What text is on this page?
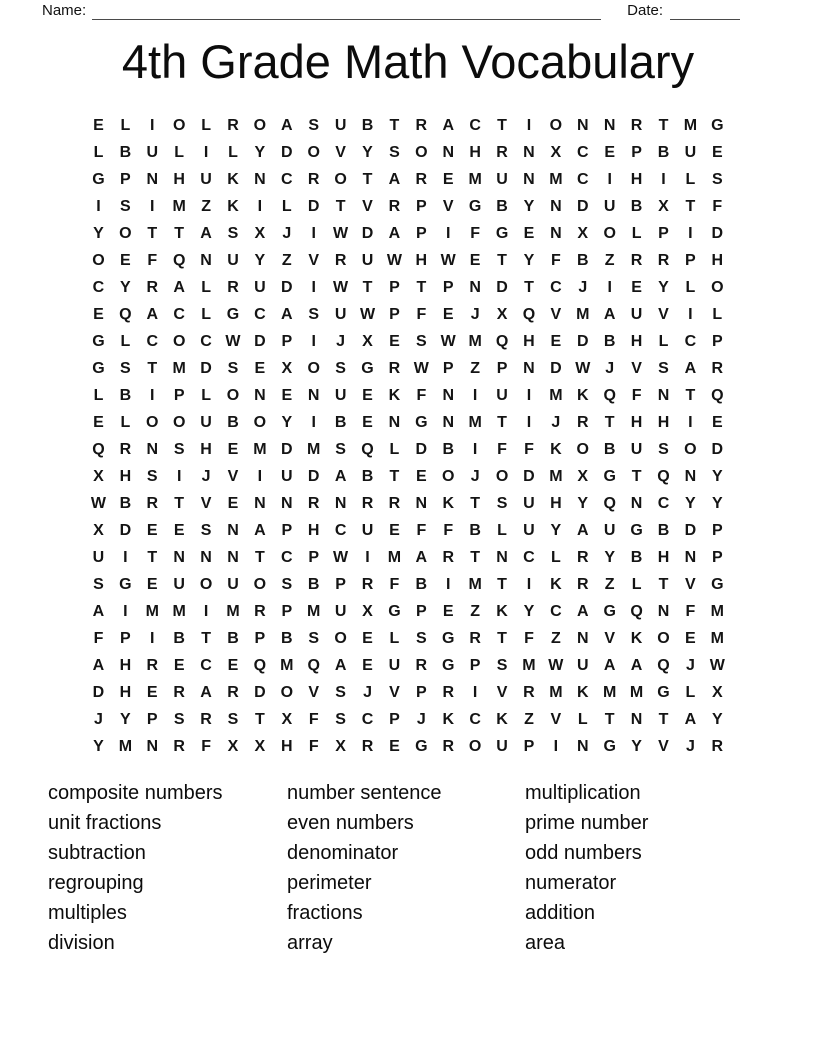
Name:	Date:
4th Grade Math Vocabulary
E	L	I	O L	R O A S U B	T	R A C	T	I	O N N R	T M G
L	B U	L	I	L	Y D O V	Y	S O N H R N X C E	P B U E
G P N H U K N C R O T	A R E M U N M C	I	H	I	L	S
I	S	I	M Z	K	I	L	D	T	V R P	V G B Y N D U B X	T	F
Y O T	T	A S	X	J	I	W D A P	I	F G E N X O L	P	I	D
O E	F Q N U Y	Z	V R U W H W E	T	Y	F	B	Z	R R P H
C Y R A	L	R U D	I	W T	P	T	P N D	T	C	J	I	E	Y	L O
E Q A C	L G C A S U W P	F	E	J	X Q V M A U V	I	L
G L	C O C W D P	I	J	X	E	S W M Q H E D B H	L	C P
G S	T M D S	E	X O S G R W P	Z	P N D W J	V	S A R
L	B	I	P	L O N E N U E K	F	N	I	U	I	M K Q F	N	T Q
E	L O O U B O Y	I	B E N G N M T	I	J	R	T	H H	I	E
Q R N S H E M D M S Q L	D B	I	F	F	K O B U S O D
X H S	I	J	V	I	U D A B	T	E O	J	O D M X G T Q N Y
W B R	T	V	E N N R N R R N K	T	S U H Y Q N C Y	Y
X D E	E	S N A P H C U E	F	F	B	L	U Y A U G B D P
U	I	T	N N N	T	C P W	I	M A R	T	N C	L	R Y B H N P
S G E U O U O S B P R	F	B	I	M T	I	K R	Z	L	T	V G
A	I	M M	I	M R P M U X G P	E	Z	K Y C A G Q N	F M
F	P	I	B	T	B P B S O E	L	S G R	T	F	Z	N V K O E M
A H R E C E Q M Q A E U R G P	S M W U A A Q	J W
D H E R A R D O V	S	J	V	P R	I	V R M K M M G L	X
J	Y	P	S R S	T	X	F	S C P	J	K C K	Z	V	L	T	N	T	A Y
Y M N R	F	X	X H	F	X R E G R O U P	I	N G Y	V	J	R
composite numbers
unit fractions
subtraction
regrouping
multiples
division
number sentence
even numbers
denominator
perimeter
fractions
array
multiplication
prime number
odd numbers
numerator
addition
area
